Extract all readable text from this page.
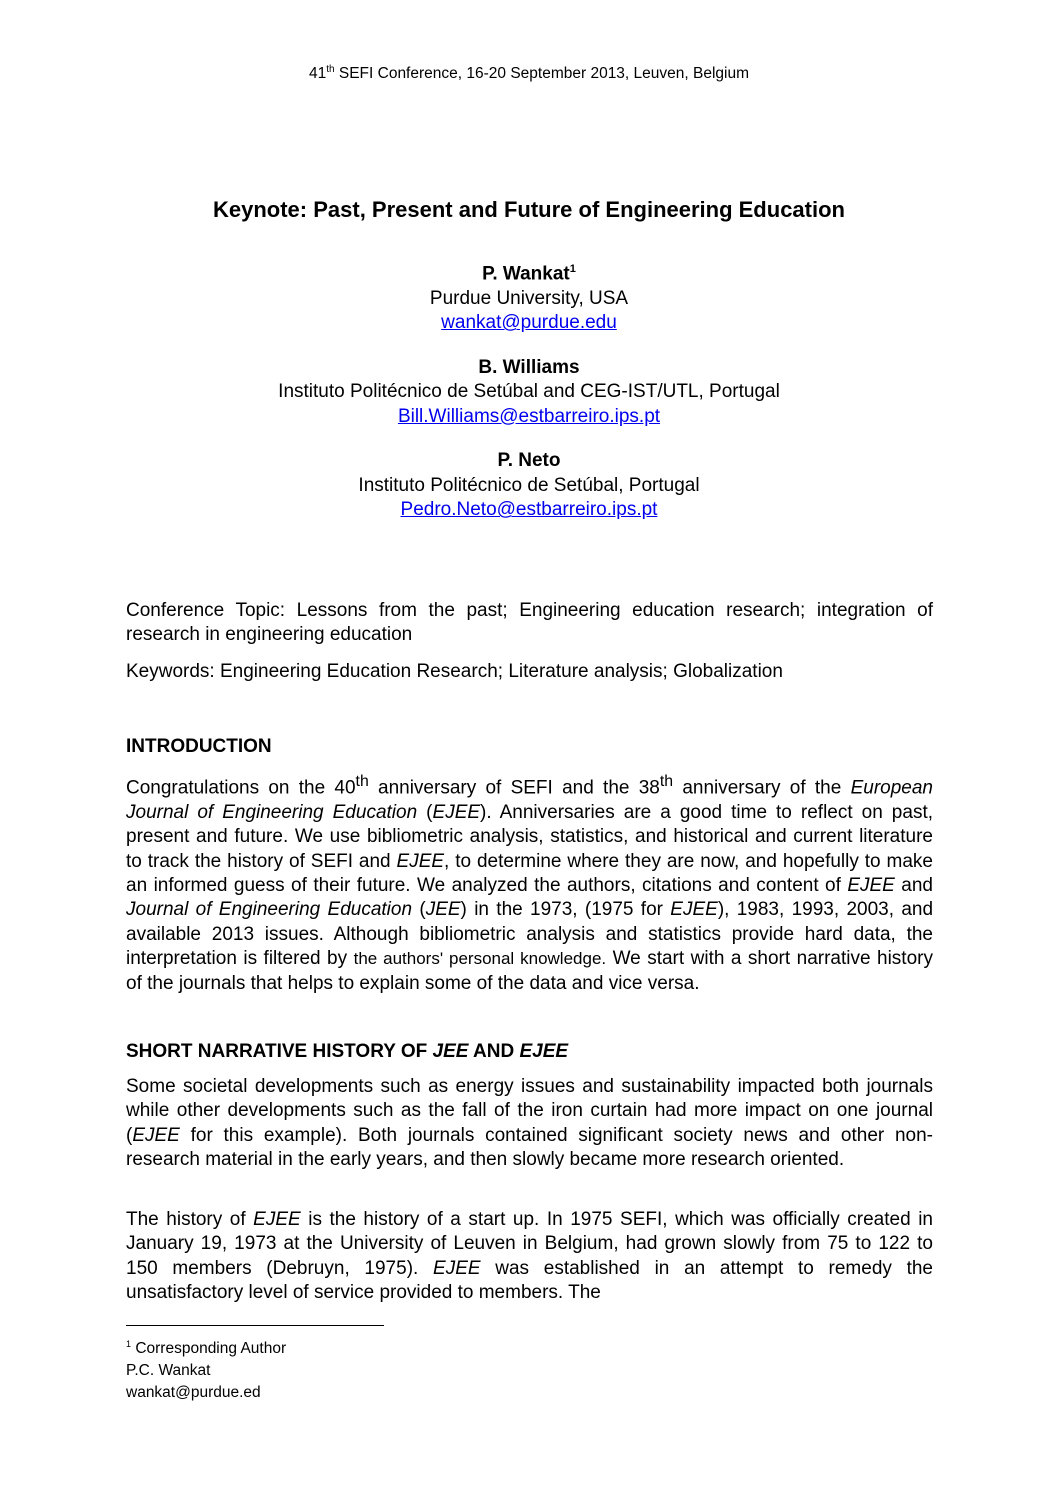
41th SEFI Conference, 16-20 September 2013, Leuven, Belgium
Keynote: Past, Present and Future of Engineering Education
P. Wankat$^1$
Purdue University, USA
wankat@purdue.edu
B. Williams
Instituto Politécnico de Setúbal and CEG-IST/UTL, Portugal
Bill.Williams@estbarreiro.ips.pt
P. Neto
Instituto Politécnico de Setúbal, Portugal
Pedro.Neto@estbarreiro.ips.pt

Conference Topic: Lessons from the past; Engineering education research; integration of research in engineering education

Keywords: Engineering Education Research; Literature analysis; Globalization

INTRODUCTION

Congratulations on the 40th anniversary of SEFI and the 38th anniversary of the European Journal of Engineering Education (EJEE). Anniversaries are a good time to reflect on past, present and future. We use bibliometric analysis, statistics, and historical and current literature to track the history of SEFI and EJEE, to determine where they are now, and hopefully to make an informed guess of their future. We analyzed the authors, citations and content of EJEE and Journal of Engineering Education (JEE) in the 1973, (1975 for EJEE), 1983, 1993, 2003, and available 2013 issues. Although bibliometric analysis and statistics provide hard data, the interpretation is filtered by the authors' personal knowledge. We start with a short narrative history of the journals that helps to explain some of the data and vice versa.

SHORT NARRATIVE HISTORY OF JEE AND EJEE

Some societal developments such as energy issues and sustainability impacted both journals while other developments such as the fall of the iron curtain had more impact on one journal (EJEE for this example). Both journals contained significant society news and other non-research material in the early years, and then slowly became more research oriented.

The history of EJEE is the history of a start up. In 1975 SEFI, which was officially created in January 19, 1973 at the University of Leuven in Belgium, had grown slowly from 75 to 122 to 150 members (Debruyn, 1975). EJEE was established in an attempt to remedy the unsatisfactory level of service provided to members. The

$^1$ Corresponding Author
P.C. Wankat
wankat@purdue.ed
